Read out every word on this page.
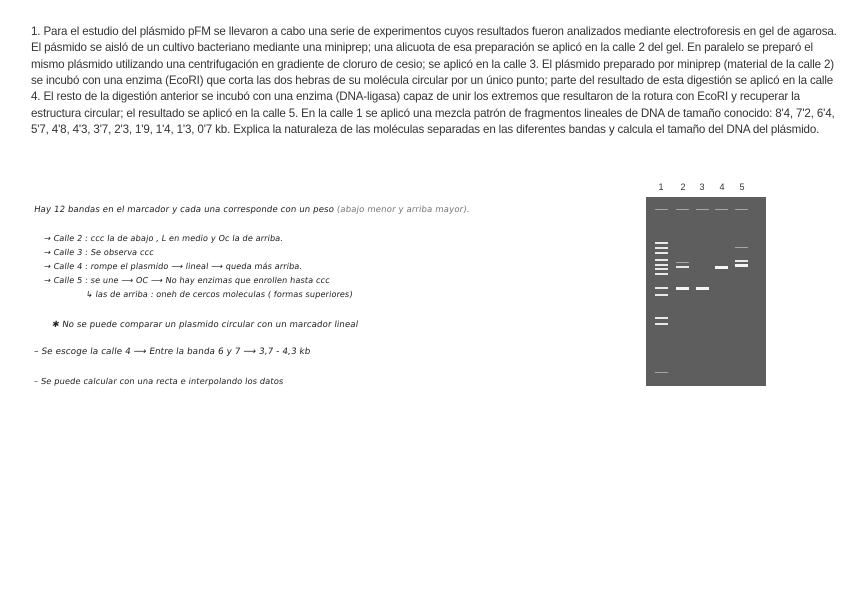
1. Para el estudio del plásmido pFM se llevaron a cabo una serie de experimentos cuyos resultados fueron analizados mediante electroforesis en gel de agarosa. El pásmido se aisló de un cultivo bacteriano mediante una miniprep; una alicuota de esa preparación se aplicó en la calle 2 del gel. En paralelo se preparó el mismo plásmido utilizando una centrifugación en gradiente de cloruro de cesio; se aplicó en la calle 3. El plásmido preparado por miniprep (material de la calle 2) se incubó con una enzima (EcoRI) que corta las dos hebras de su molécula circular por un único punto; parte del resultado de esta digestión se aplicó en la calle 4. El resto de la digestión anterior se incubó con una enzima (DNA-ligasa) capaz de unir los extremos que resultaron de la rotura con EcoRI y recuperar la estructura circular; el resultado se aplicó en la calle 5. En la calle 1 se aplicó una mezcla patrón de fragmentos lineales de DNA de tamaño conocido: 8'4, 7'2, 6'4, 5'7, 4'8, 4'3, 3'7, 2'3, 1'9, 1'4, 1'3, 0'7 kb. Explica la naturaleza de las moléculas separadas en las diferentes bandas y calcula el tamaño del DNA del plásmido.
Hay 12 bandas en el marcador y cada una corresponde con un peso (abajo menor y arriba mayor).
→ Calle 2 : ccc la de abajo , L en medio y Oc la de arriba.
→ Calle 3 : Se observa ccc
→ Calle 4 : rompe el plasmido ⟶ lineal ⟶ queda más arriba.
→ Calle 5 : se une ⟶ OC ⟶ No hay enzimas que enrollen hasta ccc
↳ las de arriba : oneh de cercos moleculas ( formas superiores)
✱ No se puede comparar un plasmido circular con un marcador lineal
– Se escoge la calle 4 ⟶ Entre la banda 6 y 7 ⟶ 3,7 - 4,3 kb
– Se puede calcular con una recta e interpolando los datos
1 2 3 4 5
